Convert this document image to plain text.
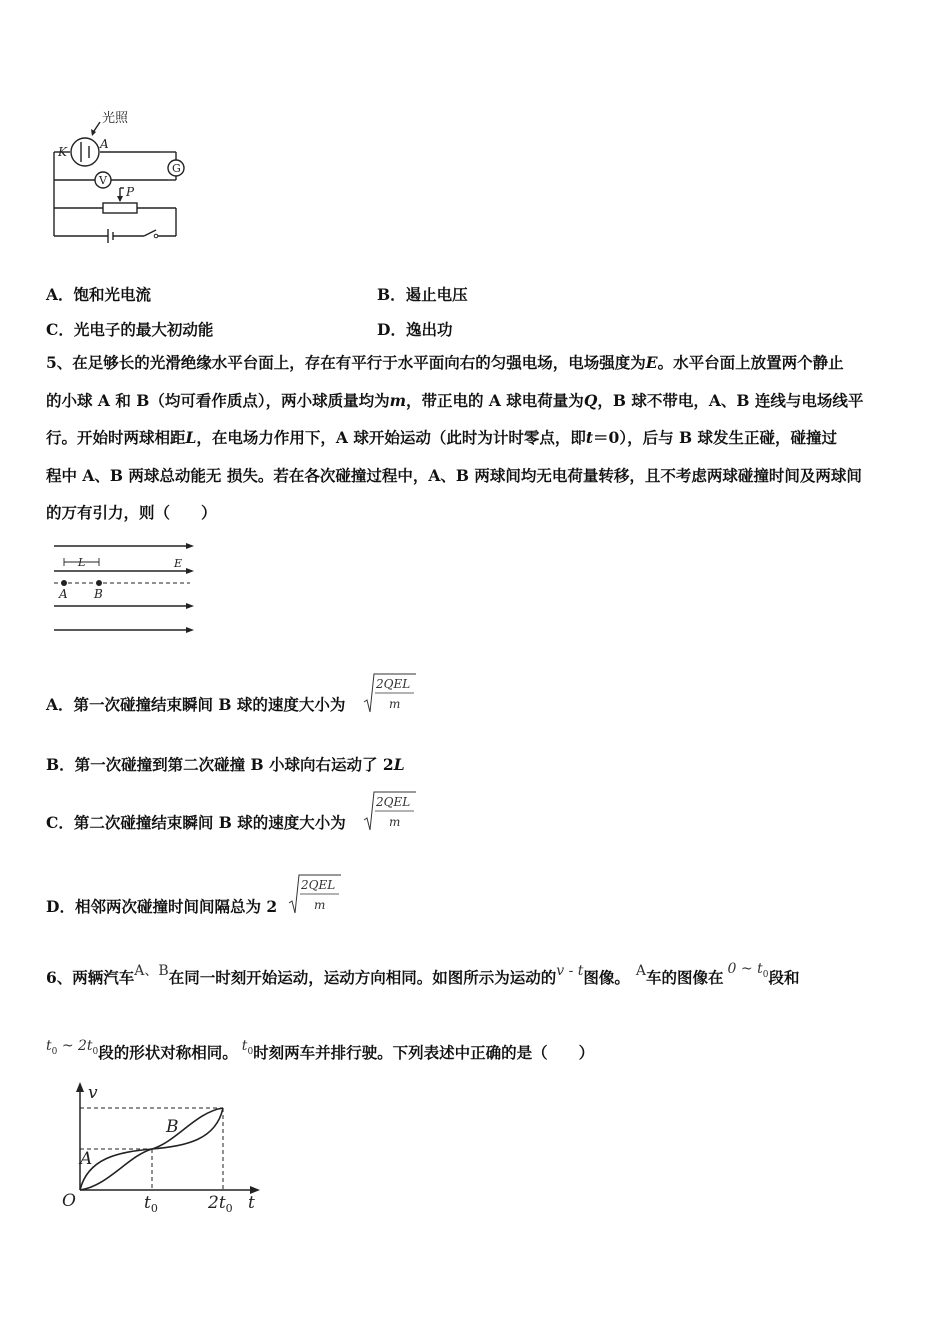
光照
K
A
G
V
P
A．饱和光电流	B．遏止电压
C．光电子的最大初动能	D．逸出功
5、在足够长的光滑绝缘水平台面上，存在有平行于水平面向右的匀强电场，电场强度为E。水平台面上放置两个静止
的小球 A 和 B（均可看作质点），两小球质量均为m，带正电的 A 球电荷量为Q，B 球不带电，A、B 连线与电场线平
行。开始时两球相距L，在电场力作用下，A 球开始运动（此时为计时零点，即t＝0），后与 B 球发生正碰，碰撞过
程中 A、B 两球总动能无 损失。若在各次碰撞过程中，A、B 两球间均无电荷量转移，且不考虑两球碰撞时间及两球间
的万有引力，则（　　）
L	E
A B
A．第一次碰撞结束瞬间 B 球的速度大小为
2QEL
m
B．第一次碰撞到第二次碰撞 B 小球向右运动了 2L
C．第二次碰撞结束瞬间 B 球的速度大小为
2QEL
m
D．相邻两次碰撞时间间隔总为 2
2QEL
m
6、两辆汽车A、B在同一时刻开始运动，运动方向相同。如图所示为运动的v - t图像。 A车的图像在 0 ~ $t_0$段和
$t_0$ ~ $2t_0$段的形状对称相同。 $t_0$时刻两车并排行驶。下列表述中正确的是（　　）
v
t
O
A
B
$t_0$	$2t_0$
